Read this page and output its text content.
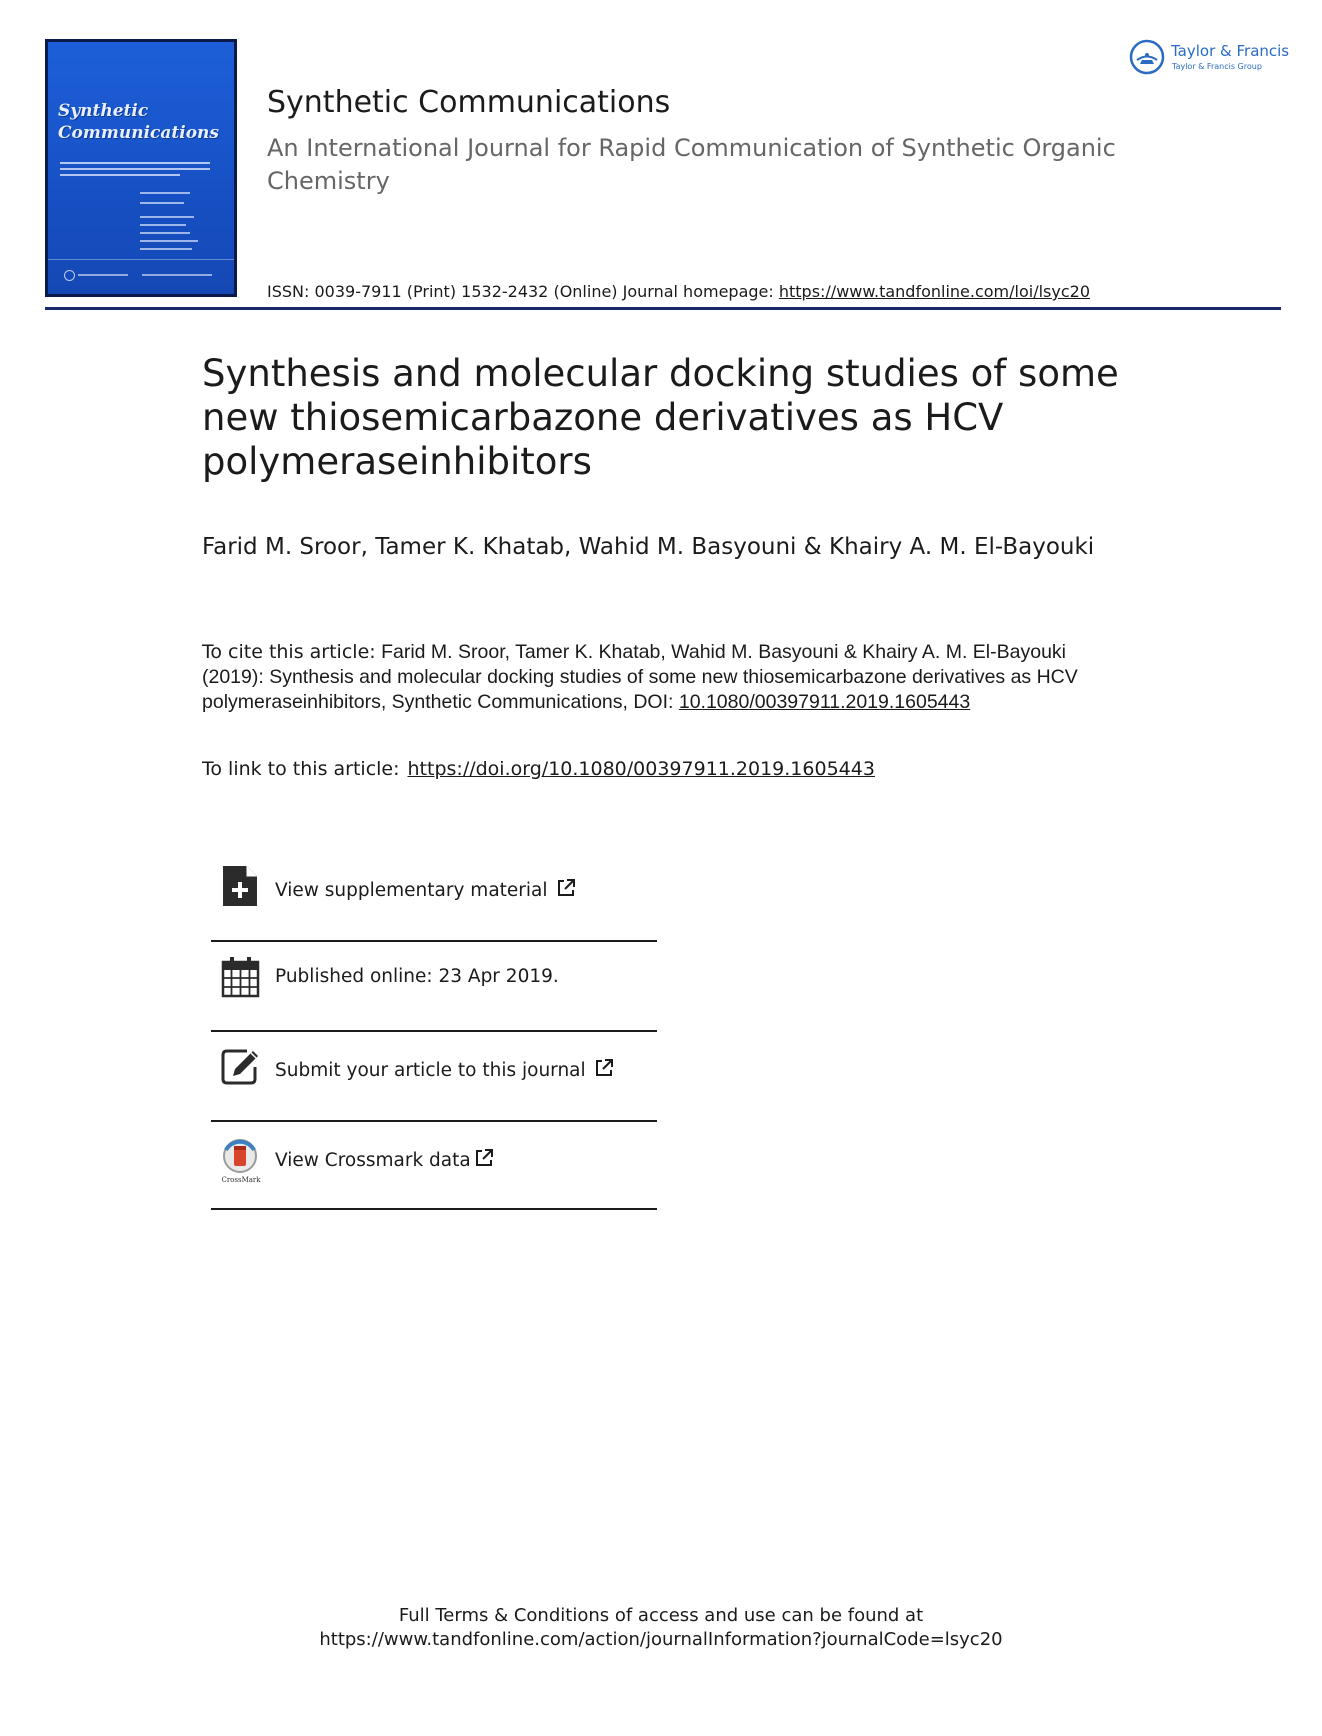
Synthetic
Communications
Synthetic Communications
An International Journal for Rapid Communication of Synthetic Organic Chemistry
ISSN: 0039-7911 (Print) 1532-2432 (Online) Journal homepage: https://www.tandfonline.com/loi/lsyc20
Taylor & Francis
Taylor & Francis Group
Synthesis and molecular docking studies of some new thiosemicarbazone derivatives as HCV polymeraseinhibitors
Farid M. Sroor, Tamer K. Khatab, Wahid M. Basyouni & Khairy A. M. El-Bayouki
To cite this article: Farid M. Sroor, Tamer K. Khatab, Wahid M. Basyouni & Khairy A. M. El-Bayouki (2019): Synthesis and molecular docking studies of some new thiosemicarbazone derivatives as HCV polymeraseinhibitors, Synthetic Communications, DOI: 10.1080/00397911.2019.1605443
To link to this article: https://doi.org/10.1080/00397911.2019.1605443
View supplementary material
Published online: 23 Apr 2019.
Submit your article to this journal
CrossMark
View Crossmark data
Full Terms & Conditions of access and use can be found at
https://www.tandfonline.com/action/journalInformation?journalCode=lsyc20
